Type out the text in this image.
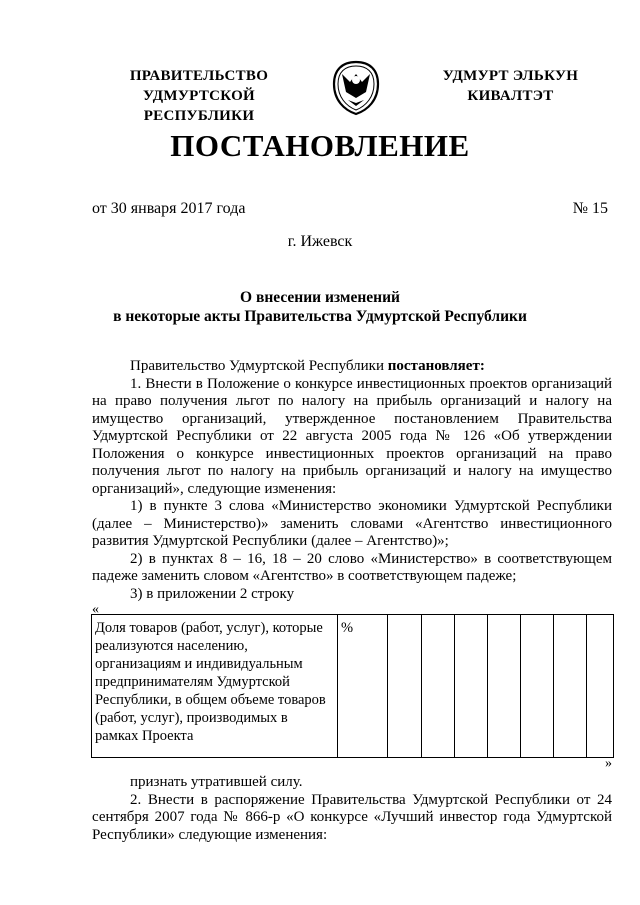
ПРАВИТЕЛЬСТВО
УДМУРТСКОЙ РЕСПУБЛИКИ
УДМУРТ ЭЛЬКУН
КИВАЛТЭТ
ПОСТАНОВЛЕНИЕ
от 30 января 2017 года	№ 15
г. Ижевск
О внесении изменений
в некоторые акты Правительства Удмуртской Республики

Правительство Удмуртской Республики постановляет:

1. Внести в Положение о конкурсе инвестиционных проектов организаций на право получения льгот по налогу на прибыль организаций и налогу на имущество организаций, утвержденное постановлением Правительства Удмуртской Республики от 22 августа 2005 года № 126 «Об утверждении Положения о конкурсе инвестиционных проектов организаций на право получения льгот по налогу на прибыль организаций и налогу на имущество организаций», следующие изменения:

1) в пункте 3 слова «Министерство экономики Удмуртской Республики (далее – Министерство)» заменить словами «Агентство инвестиционного развития Удмуртской Республики (далее – Агентство)»;

2) в пунктах 8 – 16, 18 – 20 слово «Министерство» в соответствующем падеже заменить словом «Агентство» в соответствующем падеже;

3) в приложении 2 строку

«
Доля товаров (работ, услуг), которые реализуются населению, организациям и индивидуальным предпринимателям Удмуртской Республики, в общем объеме товаров (работ, услуг), производимых в рамках Проекта	%							
»

признать утратившей силу.

2. Внести в распоряжение Правительства Удмуртской Республики от 24 сентября 2007 года № 866-р «О конкурсе «Лучший инвестор года Удмуртской Республики» следующие изменения:
